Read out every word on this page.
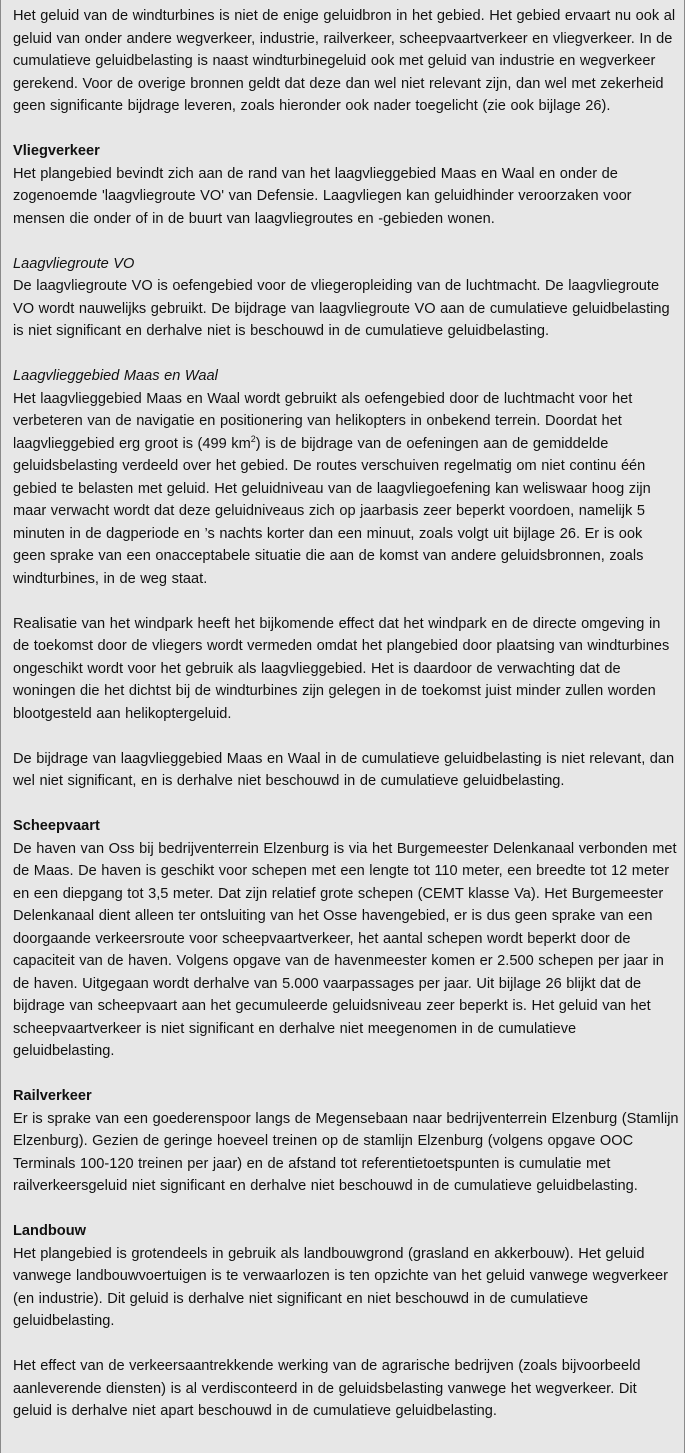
Het geluid van de windturbines is niet de enige geluidbron in het gebied. Het gebied ervaart nu ook al geluid van onder andere wegverkeer, industrie, railverkeer, scheepvaartverkeer en vliegverkeer. In de cumulatieve geluidbelasting is naast windturbinegeluid ook met geluid van industrie en wegverkeer gerekend. Voor de overige bronnen geldt dat deze dan wel niet relevant zijn, dan wel met zekerheid geen significante bijdrage leveren, zoals hieronder ook nader toegelicht (zie ook bijlage 26).

Vliegverkeer

Het plangebied bevindt zich aan de rand van het laagvlieggebied Maas en Waal en onder de zogenoemde 'laagvliegroute VO' van Defensie. Laagvliegen kan geluidhinder veroorzaken voor mensen die onder of in de buurt van laagvliegroutes en -gebieden wonen.

Laagvliegroute VO

De laagvliegroute VO is oefengebied voor de vliegeropleiding van de luchtmacht. De laagvliegroute VO wordt nauwelijks gebruikt. De bijdrage van laagvliegroute VO aan de cumulatieve geluidbelasting is niet significant en derhalve niet is beschouwd in de cumulatieve geluidbelasting.

Laagvlieggebied Maas en Waal

Het laagvlieggebied Maas en Waal wordt gebruikt als oefengebied door de luchtmacht voor het verbeteren van de navigatie en positionering van helikopters in onbekend terrein. Doordat het laagvlieggebied erg groot is (499 $km^2$) is de bijdrage van de oefeningen aan de gemiddelde geluidsbelasting verdeeld over het gebied. De routes verschuiven regelmatig om niet continu één gebied te belasten met geluid. Het geluidniveau van de laagvliegoefening kan weliswaar hoog zijn maar verwacht wordt dat deze geluidniveaus zich op jaarbasis zeer beperkt voordoen, namelijk 5 minuten in de dagperiode en ’s nachts korter dan een minuut, zoals volgt uit bijlage 26. Er is ook geen sprake van een onacceptabele situatie die aan de komst van andere geluidsbronnen, zoals windturbines, in de weg staat.

Realisatie van het windpark heeft het bijkomende effect dat het windpark en de directe omgeving in de toekomst door de vliegers wordt vermeden omdat het plangebied door plaatsing van windturbines ongeschikt wordt voor het gebruik als laagvlieggebied. Het is daardoor de verwachting dat de woningen die het dichtst bij de windturbines zijn gelegen in de toekomst juist minder zullen worden blootgesteld aan helikoptergeluid.

De bijdrage van laagvlieggebied Maas en Waal in de cumulatieve geluidbelasting is niet relevant, dan wel niet significant, en is derhalve niet beschouwd in de cumulatieve geluidbelasting.

Scheepvaart

De haven van Oss bij bedrijventerrein Elzenburg is via het Burgemeester Delenkanaal verbonden met de Maas. De haven is geschikt voor schepen met een lengte tot 110 meter, een breedte tot 12 meter en een diepgang tot 3,5 meter. Dat zijn relatief grote schepen (CEMT klasse Va). Het Burgemeester Delenkanaal dient alleen ter ontsluiting van het Osse havengebied, er is dus geen sprake van een doorgaande verkeersroute voor scheepvaartverkeer, het aantal schepen wordt beperkt door de capaciteit van de haven. Volgens opgave van de havenmeester komen er 2.500 schepen per jaar in de haven. Uitgegaan wordt derhalve van 5.000 vaarpassages per jaar. Uit bijlage 26 blijkt dat de bijdrage van scheepvaart aan het gecumuleerde geluidsniveau zeer beperkt is. Het geluid van het scheepvaartverkeer is niet significant en derhalve niet meegenomen in de cumulatieve geluidbelasting.

Railverkeer

Er is sprake van een goederenspoor langs de Megensebaan naar bedrijventerrein Elzenburg (Stamlijn Elzenburg). Gezien de geringe hoeveel treinen op de stamlijn Elzenburg (volgens opgave OOC Terminals 100-120 treinen per jaar) en de afstand tot referentietoetspunten is cumulatie met railverkeersgeluid niet significant en derhalve niet beschouwd in de cumulatieve geluidbelasting.

Landbouw

Het plangebied is grotendeels in gebruik als landbouwgrond (grasland en akkerbouw). Het geluid vanwege landbouwvoertuigen is te verwaarlozen is ten opzichte van het geluid vanwege wegverkeer (en industrie). Dit geluid is derhalve niet significant en niet beschouwd in de cumulatieve geluidbelasting.

Het effect van de verkeersaantrekkende werking van de agrarische bedrijven (zoals bijvoorbeeld aanleverende diensten) is al verdisconteerd in de geluidsbelasting vanwege het wegverkeer. Dit geluid is derhalve niet apart beschouwd in de cumulatieve geluidbelasting.
